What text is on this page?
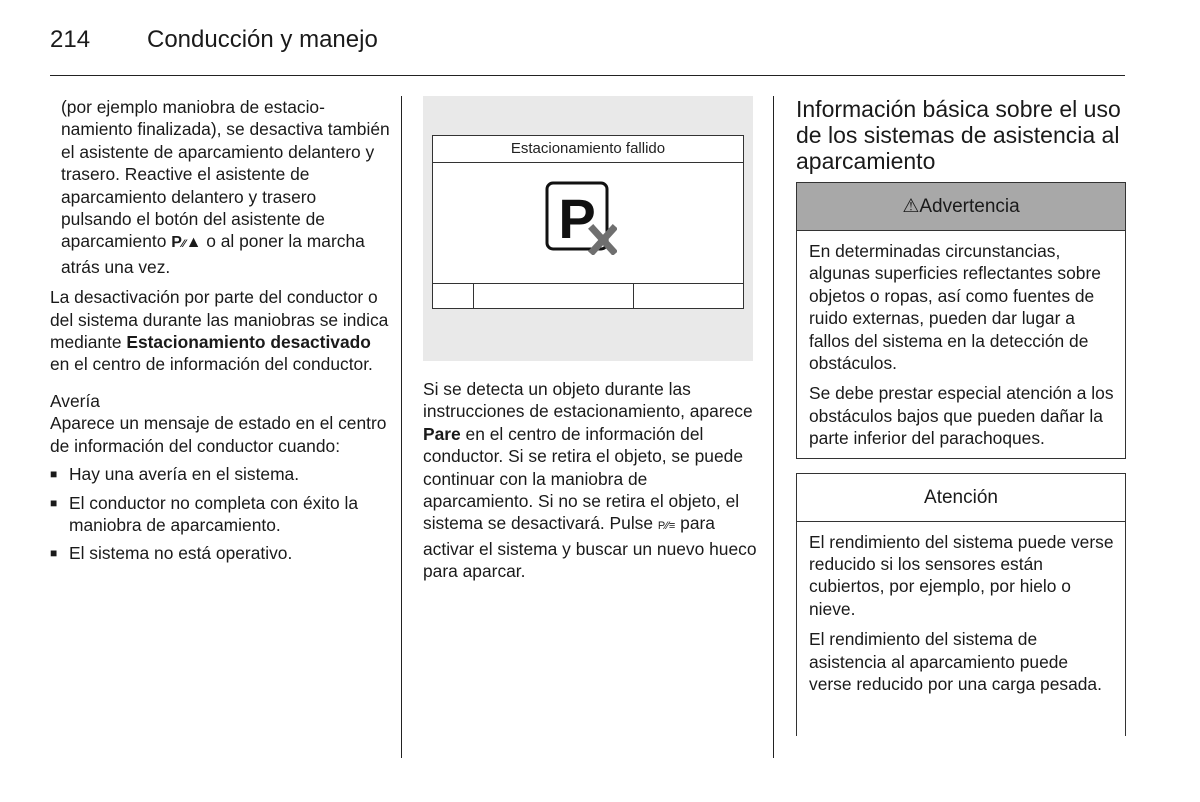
214 Conducción y manejo

(por ejemplo maniobra de estacionamiento finalizada), se desactiva también el asistente de aparcamiento delantero y trasero. Reactive el asistente de aparcamiento delantero y trasero pulsando el botón del asistente de aparcamiento P⁄⁄▲ o al poner la marcha atrás una vez.

La desactivación por parte del conductor o del sistema durante las maniobras se indica mediante Estacionamiento desactivado en el centro de información del conductor.

Avería

Aparece un mensaje de estado en el centro de información del conductor cuando:

■ Hay una avería en el sistema.
■ El conductor no completa con éxito la maniobra de aparcamiento.
■ El sistema no está operativo.
Estacionamiento fallido
P

Si se detecta un objeto durante las instrucciones de estacionamiento, aparece Pare en el centro de información del conductor. Si se retira el objeto, se puede continuar con la maniobra de aparcamiento. Si no se retira el objeto, el sistema se desactivará. Pulse P⁄⁄≡ para activar el sistema y buscar un nuevo hueco para aparcar.

Información básica sobre el uso de los sistemas de asistencia al aparcamiento
⚠Advertencia

En determinadas circunstancias, algunas superficies reflectantes sobre objetos o ropas, así como fuentes de ruido externas, pueden dar lugar a fallos del sistema en la detección de obstáculos.

Se debe prestar especial atención a los obstáculos bajos que pueden dañar la parte inferior del parachoques.

Atención

El rendimiento del sistema puede verse reducido si los sensores están cubiertos, por ejemplo, por hielo o nieve.

El rendimiento del sistema de asistencia al aparcamiento puede verse reducido por una carga pesada.
